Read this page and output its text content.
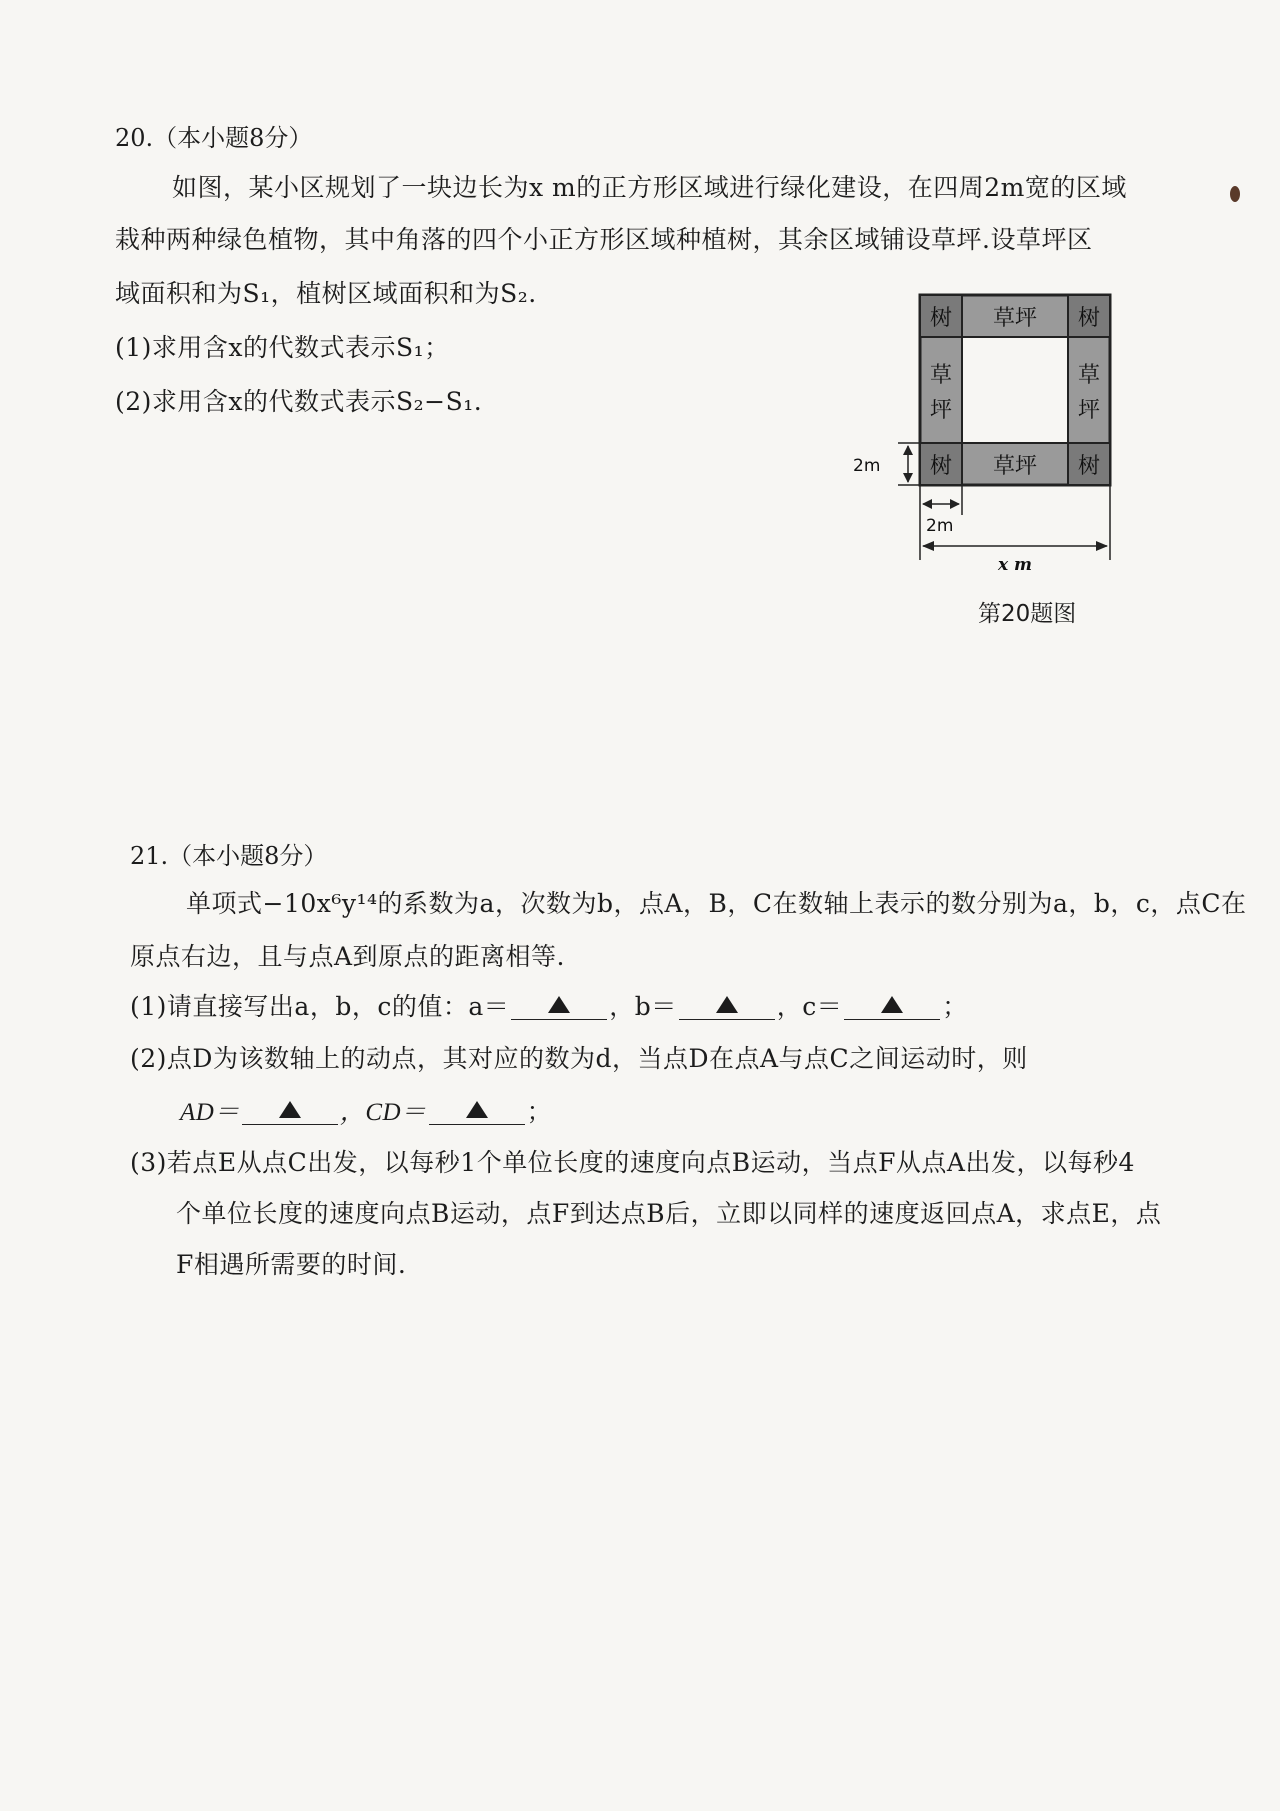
20.（本小题8分）
如图，某小区规划了一块边长为x m的正方形区域进行绿化建设，在四周2m宽的区域
栽种两种绿色植物，其中角落的四个小正方形区域种植树，其余区域铺设草坪.设草坪区
域面积和为S₁，植树区域面积和为S₂.
(1)求用含x的代数式表示S₁；
(2)求用含x的代数式表示S₂−S₁.
树	树
树	树
草坪
草坪
草
坪
草
坪
2m
2m
x m
第20题图
21.（本小题8分）
单项式−10x⁶y¹⁴的系数为a，次数为b，点A，B，C在数轴上表示的数分别为a，b，c，点C在
原点右边，且与点A到原点的距离相等.
(1)请直接写出a，b，c的值：a＝	，b＝	，c＝	；
(2)点D为该数轴上的动点，其对应的数为d，当点D在点A与点C之间运动时，则
AD＝	，CD＝	；
(3)若点E从点C出发，以每秒1个单位长度的速度向点B运动，当点F从点A出发，以每秒4
个单位长度的速度向点B运动，点F到达点B后，立即以同样的速度返回点A，求点E，点
F相遇所需要的时间.
